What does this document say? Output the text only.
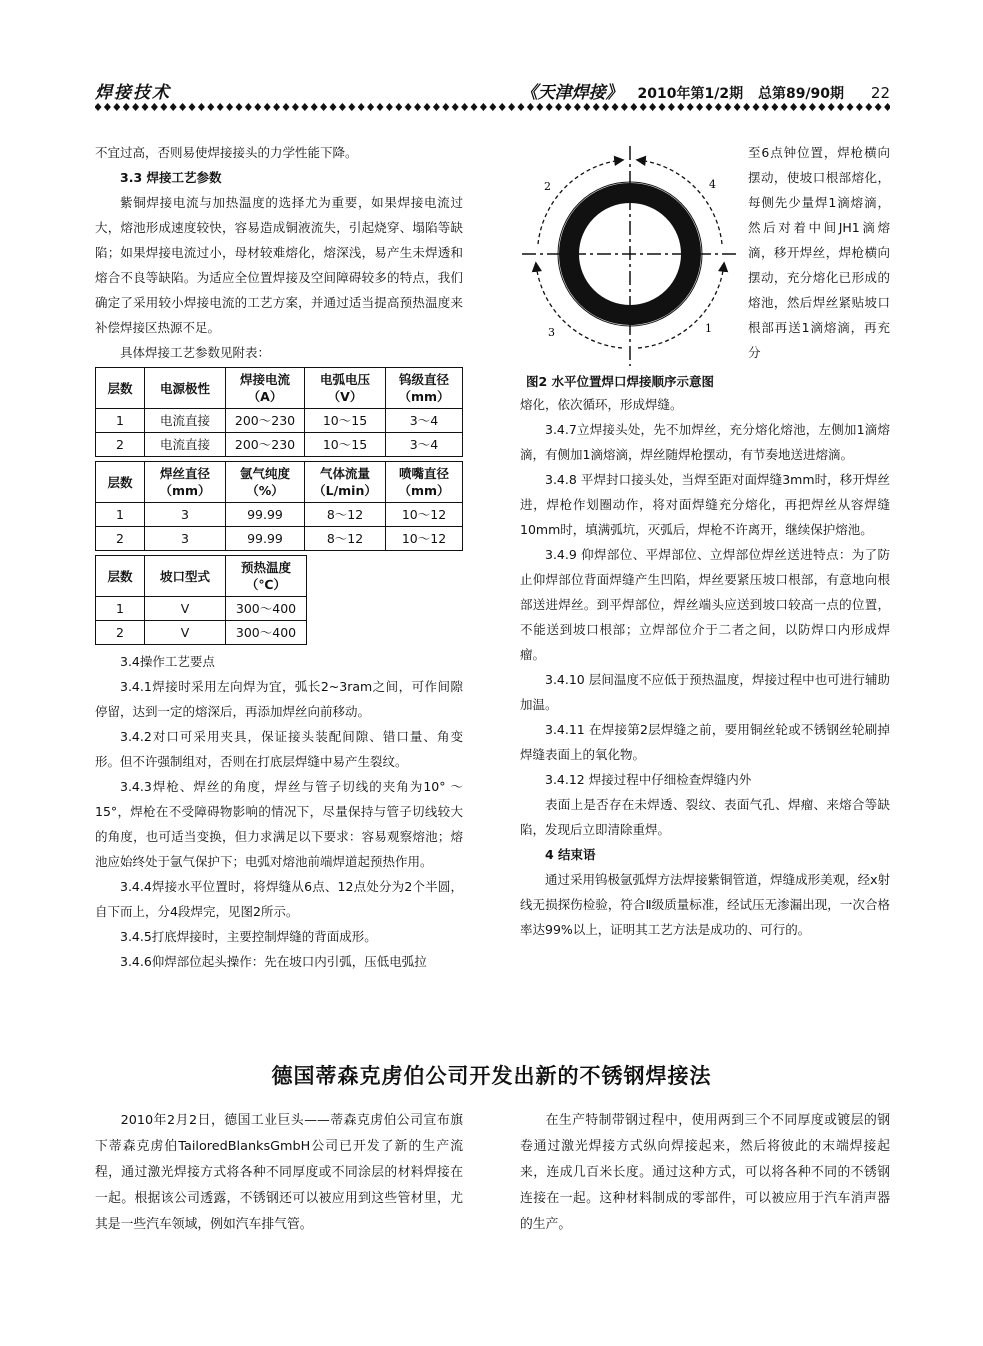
焊接技术	《天津焊接》 2010年第1/2期 总第89/90期 22

不宜过高，否则易使焊接接头的力学性能下降。

3.3 焊接工艺参数

紫铜焊接电流与加热温度的选择尤为重要，如果焊接电流过大，熔池形成速度较快，容易造成铜液流失，引起烧穿、塌陷等缺陷；如果焊接电流过小，母材较难熔化，熔深浅，易产生未焊透和熔合不良等缺陷。为适应全位置焊接及空间障碍较多的特点，我们确定了采用较小焊接电流的工艺方案，并通过适当提高预热温度来补偿焊接区热源不足。

具体焊接工艺参数见附表：

层数	电源极性	焊接电流（A）	电弧电压（V）	钨级直径（mm）
1	电流直接	200～230	10～15	3～4
2	电流直接	200～230	10～15	3～4
层数	焊丝直径（mm）	氩气纯度（%）	气体流量（L/min）	喷嘴直径（mm）
1	3	99.99	8～12	10～12
2	3	99.99	8～12	10～12
层数	坡口型式	预热温度（℃）
1	V	300～400
2	V	300～400

3.4操作工艺要点

3.4.1焊接时采用左向焊为宜，弧长2~3ram之间，可作间隙停留，达到一定的熔深后，再添加焊丝向前移动。

3.4.2对口可采用夹具，保证接头装配间隙、错口量、角变形。但不许强制组对，否则在打底层焊缝中易产生裂纹。

3.4.3焊枪、焊丝的角度，焊丝与管子切线的夹角为10° ～15°，焊枪在不受障碍物影响的情况下，尽量保持与管子切线较大的角度，也可适当变换，但力求满足以下要求：容易观察熔池；熔池应始终处于氩气保护下；电弧对熔池前端焊道起预热作用。

3.4.4焊接水平位置时，将焊缝从6点、12点处分为2个半圆，自下而上，分4段焊完，见图2所示。

3.4.5打底焊接时，主要控制焊缝的背面成形。

3.4.6仰焊部位起头操作：先在坡口内引弧，压低电弧拉

2	4
3	1
图2 水平位置焊口焊接顺序示意图

至6点钟位置，焊枪横向摆动，使坡口根部熔化，每侧先少量焊1滴熔滴，然后对着中间JH1滴熔滴，移开焊丝，焊枪横向摆动，充分熔化已形成的熔池，然后焊丝紧贴坡口根部再送1滴熔滴，再充分

熔化，依次循环，形成焊缝。

3.4.7立焊接头处，先不加焊丝，充分熔化熔池，左侧加1滴熔滴，有侧加1滴熔滴，焊丝随焊枪摆动，有节奏地送进熔滴。

3.4.8 平焊封口接头处，当焊至距对面焊缝3mm时，移开焊丝进，焊枪作划圈动作，将对面焊缝充分熔化，再把焊丝从容焊缝10mm时，填满弧坑，灭弧后，焊枪不许离开，继续保护熔池。

3.4.9 仰焊部位、平焊部位、立焊部位焊丝送进特点：为了防止仰焊部位背面焊缝产生凹陷，焊丝要紧压坡口根部，有意地向根部送进焊丝。到平焊部位，焊丝端头应送到坡口较高一点的位置，不能送到坡口根部；立焊部位介于二者之间，以防焊口内形成焊瘤。

3.4.10 层间温度不应低于预热温度，焊接过程中也可进行辅助加温。

3.4.11 在焊接第2层焊缝之前，要用铜丝轮或不锈钢丝轮刷掉焊缝表面上的氧化物。

3.4.12 焊接过程中仔细检查焊缝内外

表面上是否存在未焊透、裂纹、表面气孔、焊瘤、来熔合等缺陷，发现后立即清除重焊。

4 结束语

通过采用钨极氩弧焊方法焊接紫铜管道，焊缝成形美观，经x射线无损探伤检验，符合Ⅱ级质量标准，经试压无渗漏出现，一次合格率达99%以上，证明其工艺方法是成功的、可行的。

德国蒂森克虏伯公司开发出新的不锈钢焊接法

2010年2月2日，德国工业巨头——蒂森克虏伯公司宣布旗下蒂森克虏伯TailoredBlanksGmbH公司已开发了新的生产流程，通过激光焊接方式将各种不同厚度或不同涂层的材料焊接在一起。根据该公司透露，不锈钢还可以被应用到这些管材里，尤其是一些汽车领域，例如汽车排气管。

在生产特制带钢过程中，使用两到三个不同厚度或镀层的钢卷通过激光焊接方式纵向焊接起来，然后将彼此的末端焊接起来，连成几百米长度。通过这种方式，可以将各种不同的不锈钢连接在一起。这种材料制成的零部件，可以被应用于汽车消声器的生产。
